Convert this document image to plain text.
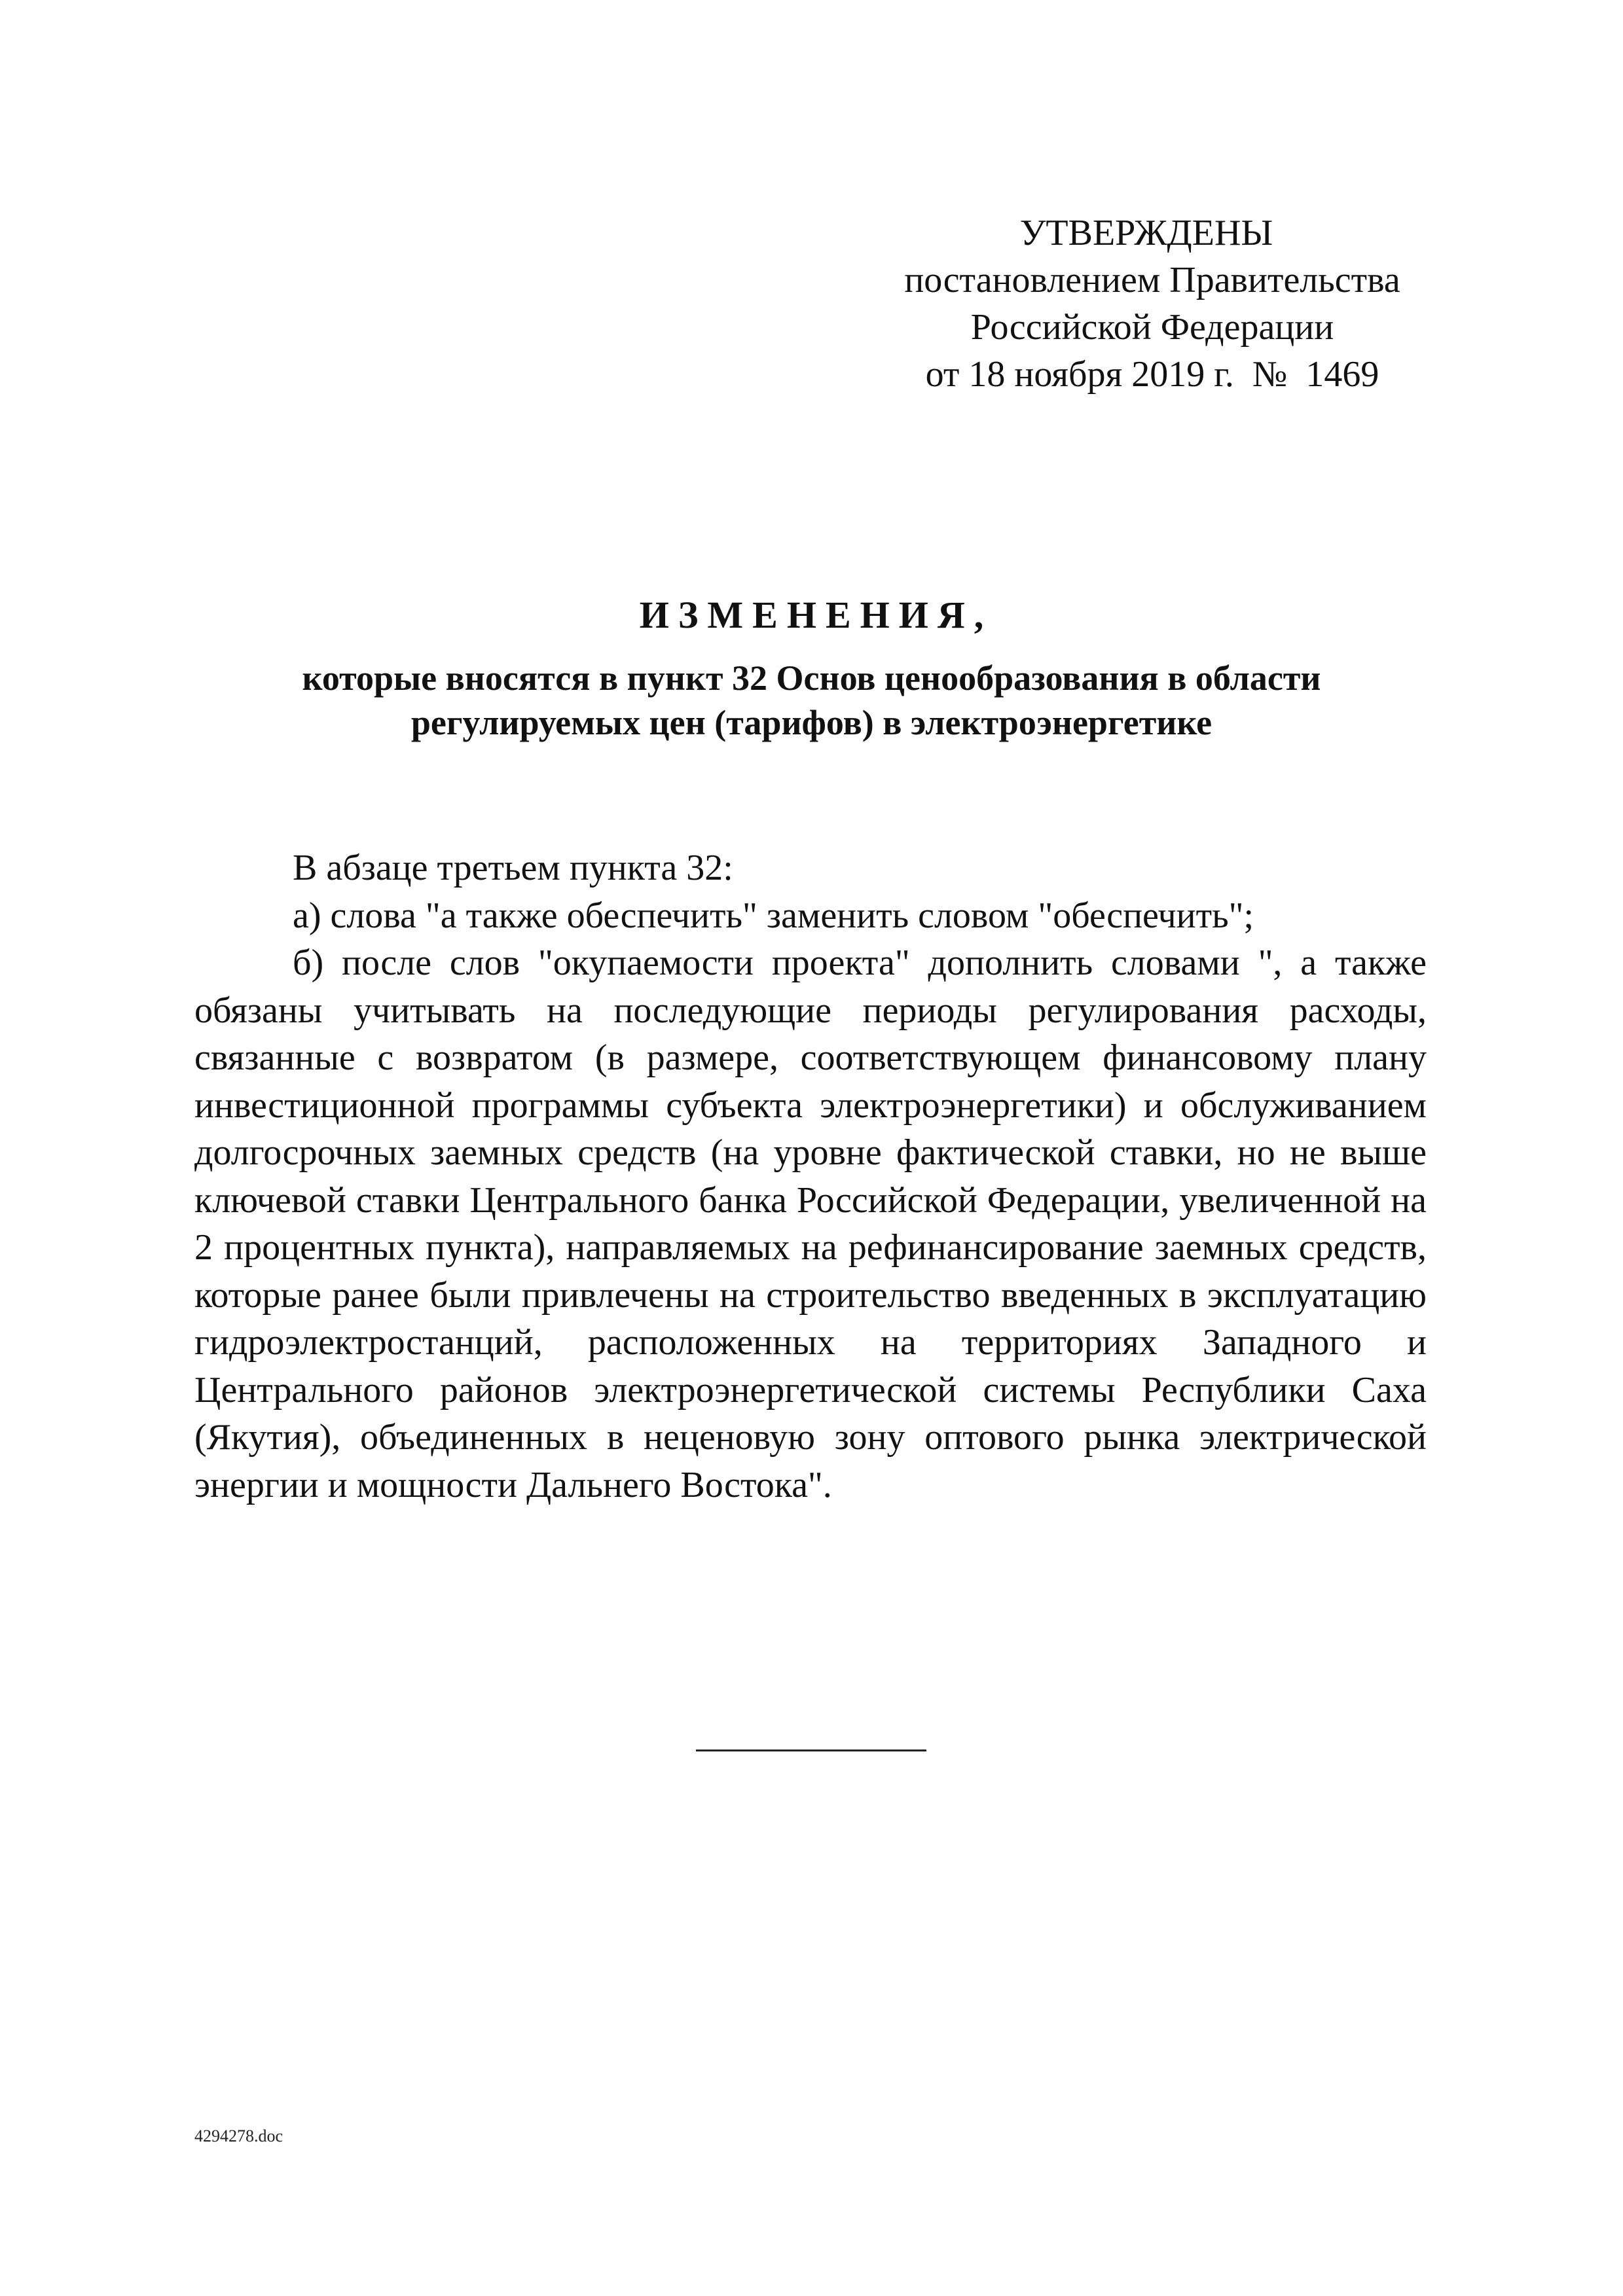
УТВЕРЖДЕНЫ
постановлением Правительства
Российской Федерации
от 18 ноября 2019 г.  №  1469
ИЗМЕНЕНИЯ,
которые вносятся в пункт 32 Основ ценообразования в области
регулируемых цен (тарифов) в электроэнергетике

В абзаце третьем пункта 32:

а) слова "а также обеспечить" заменить словом "обеспечить";

б) после слов "окупаемости проекта" дополнить словами ", а также обязаны учитывать на последующие периоды регулирования расходы, связанные с возвратом (в размере, соответствующем финансовому плану инвестиционной программы субъекта электроэнергетики) и обслуживанием долгосрочных заемных средств (на уровне фактической ставки, но не выше ключевой ставки Центрального банка Российской Федерации, увеличенной на 2 процентных пункта), направляемых на рефинансирование заемных средств, которые ранее были привлечены на строительство введенных в эксплуатацию гидроэлектростанций, расположенных на территориях Западного и Центрального районов электроэнергетической системы Республики Саха (Якутия), объединенных в неценовую зону оптового рынка электрической энергии и мощности Дальнего Востока".

4294278.doc
